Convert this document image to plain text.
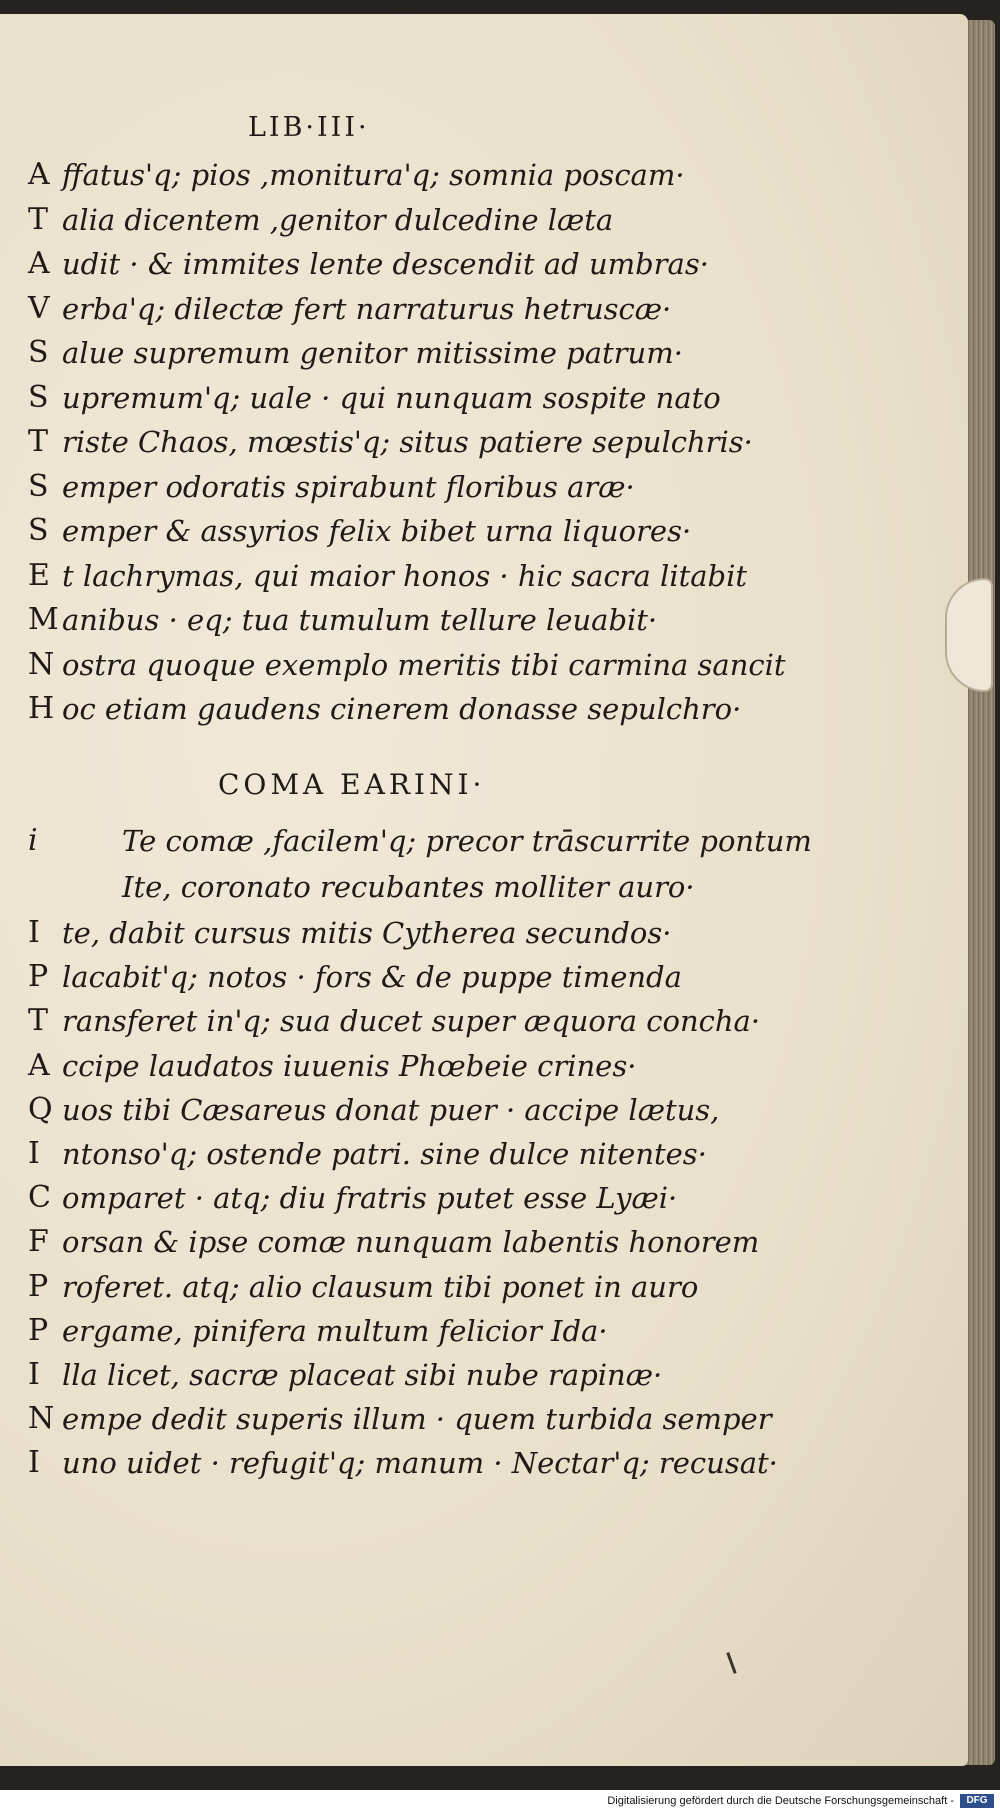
LIB·III·
A ffatus'q; pios ,monitura'q; somnia poscam·
T alia dicentem ,genitor dulcedine læta
A udit · & immites lente descendit ad umbras·
V erba'q; dilectæ fert narraturus hetruscæ·
S alue supremum genitor mitissime patrum·
S upremum'q; uale · qui nunquam sospite nato
T riste Chaos, mœstis'q; situs patiere sepulchris·
S emper odoratis spirabunt floribus aræ·
S emper & assyrios felix bibet urna liquores·
E t lachrymas, qui maior honos · hic sacra litabit
M anibus · eq; tua tumulum tellure leuabit·
N ostra quoque exemplo meritis tibi carmina sancit
H oc etiam gaudens cinerem donasse sepulchro·
COMA EARINI·
i	Te comæ ,facilem'q; precor trāscurrite pontum
Ite, coronato recubantes molliter auro·
I te, dabit cursus mitis Cytherea secundos·
P lacabit'q; notos · fors & de puppe timenda
T ransferet in'q; sua ducet super æquora concha·
A ccipe laudatos iuuenis Phœbeie crines·
Q uos tibi Cæsareus donat puer · accipe lætus,
I ntonso'q; ostende patri. sine dulce nitentes·
C omparet · atq; diu fratris putet esse Lyæi·
F orsan & ipse comæ nunquam labentis honorem
P roferet. atq; alio clausum tibi ponet in auro
P ergame, pinifera multum felicior Ida·
I lla licet, sacræ placeat sibi nube rapinæ·
N empe dedit superis illum · quem turbida semper
I uno uidet · refugit'q; manum · Nectar'q; recusat·
Digitalisierung gefördert durch die Deutsche Forschungsgemeinschaft -	DFG
